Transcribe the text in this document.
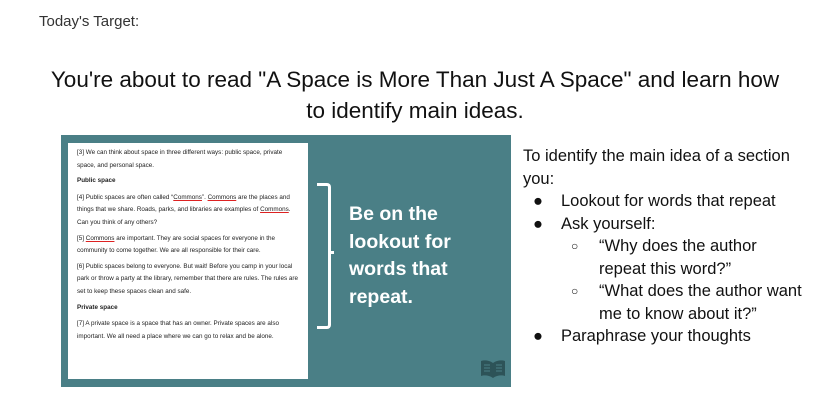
Today's Target:
You're about to read "A Space is More Than Just A Space" and learn how to identify main ideas.

[3] We can think about space in three different ways: public space, private space, and personal space.

Public space

[4] Public spaces are often called “Commons”. Commons are the places and things that we share. Roads, parks, and libraries are examples of Commons. Can you think of any others?

[5] Commons are important. They are social spaces for everyone in the community to come together. We are all responsible for their care.

[6] Public spaces belong to everyone. But wait! Before you camp in your local park or throw a party at the library, remember that there are rules. The rules are set to keep these spaces clean and safe.

Private space

[7] A private space is a space that has an owner. Private spaces are also important. We all need a place where we can go to relax and be alone.

Be on the lookout for words that repeat.

To identify the main idea of a section you:

● Lookout for words that repeat
● Ask yourself:
○ “Why does the author repeat this word?”
○ “What does the author want me to know about it?”
● Paraphrase your thoughts
